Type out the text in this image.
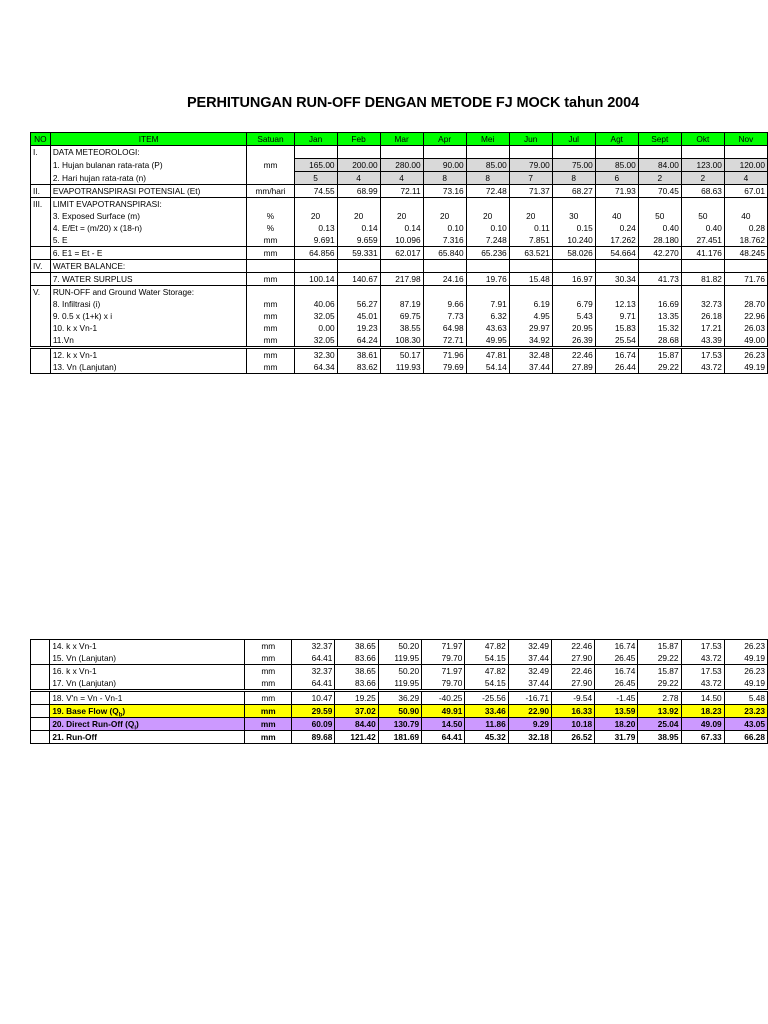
PERHITUNGAN RUN-OFF DENGAN METODE FJ MOCK tahun 2004
NO	ITEM	Satuan	Jan	Feb	Mar	Apr	Mei	Jun	Jul	Agt	Sept	Okt	Nov
I.	DATA METEOROLOGI:												
	1. Hujan bulanan rata-rata (P)	mm	165.00	200.00	280.00	90.00	85.00	79.00	75.00	85.00	84.00	123.00	120.00
	2. Hari hujan rata-rata (n)		5	4	4	8	8	7	8	6	2	2	4
II.	EVAPOTRANSPIRASI POTENSIAL (Et)	mm/hari	74.55	68.99	72.11	73.16	72.48	71.37	68.27	71.93	70.45	68.63	67.01
III.	LIMIT EVAPOTRANSPIRASI:												
	3. Exposed Surface (m)	%	20	20	20	20	20	20	30	40	50	50	40
	4. E/Et = (m/20) x (18-n)	%	0.13	0.14	0.14	0.10	0.10	0.11	0.15	0.24	0.40	0.40	0.28
	5. E	mm	9.691	9.659	10.096	7.316	7.248	7.851	10.240	17.262	28.180	27.451	18.762
	6. E1 = Et - E	mm	64.856	59.331	62.017	65.840	65.236	63.521	58.026	54.664	42.270	41.176	48.245
IV.	WATER BALANCE:												
	7. WATER SURPLUS	mm	100.14	140.67	217.98	24.16	19.76	15.48	16.97	30.34	41.73	81.82	71.76
V.	RUN-OFF and Ground Water Storage:												
	8. Infiltrasi (i)	mm	40.06	56.27	87.19	9.66	7.91	6.19	6.79	12.13	16.69	32.73	28.70
	9. 0.5 x (1+k) x i	mm	32.05	45.01	69.75	7.73	6.32	4.95	5.43	9.71	13.35	26.18	22.96
	10. k x Vn-1	mm	0.00	19.23	38.55	64.98	43.63	29.97	20.95	15.83	15.32	17.21	26.03
	11.Vn	mm	32.05	64.24	108.30	72.71	49.95	34.92	26.39	25.54	28.68	43.39	49.00
	12. k x Vn-1	mm	32.30	38.61	50.17	71.96	47.81	32.48	22.46	16.74	15.87	17.53	26.23
	13. Vn (Lanjutan)	mm	64.34	83.62	119.93	79.69	54.14	37.44	27.89	26.44	29.22	43.72	49.19
	14. k x Vn-1	mm	32.37	38.65	50.20	71.97	47.82	32.49	22.46	16.74	15.87	17.53	26.23
	15. Vn (Lanjutan)	mm	64.41	83.66	119.95	79.70	54.15	37.44	27.90	26.45	29.22	43.72	49.19
	16. k x Vn-1	mm	32.37	38.65	50.20	71.97	47.82	32.49	22.46	16.74	15.87	17.53	26.23
	17. Vn (Lanjutan)	mm	64.41	83.66	119.95	79.70	54.15	37.44	27.90	26.45	29.22	43.72	49.19
	18. V'n = Vn - Vn-1	mm	10.47	19.25	36.29	-40.25	-25.56	-16.71	-9.54	-1.45	2.78	14.50	5.48
	19. Base Flow $(Q_b)$	mm	29.59	37.02	50.90	49.91	33.46	22.90	16.33	13.59	13.92	18.23	23.23
	20. Direct Run-Off $(Q_i)$	mm	60.09	84.40	130.79	14.50	11.86	9.29	10.18	18.20	25.04	49.09	43.05
	21. Run-Off	mm	89.68	121.42	181.69	64.41	45.32	32.18	26.52	31.79	38.95	67.33	66.28
